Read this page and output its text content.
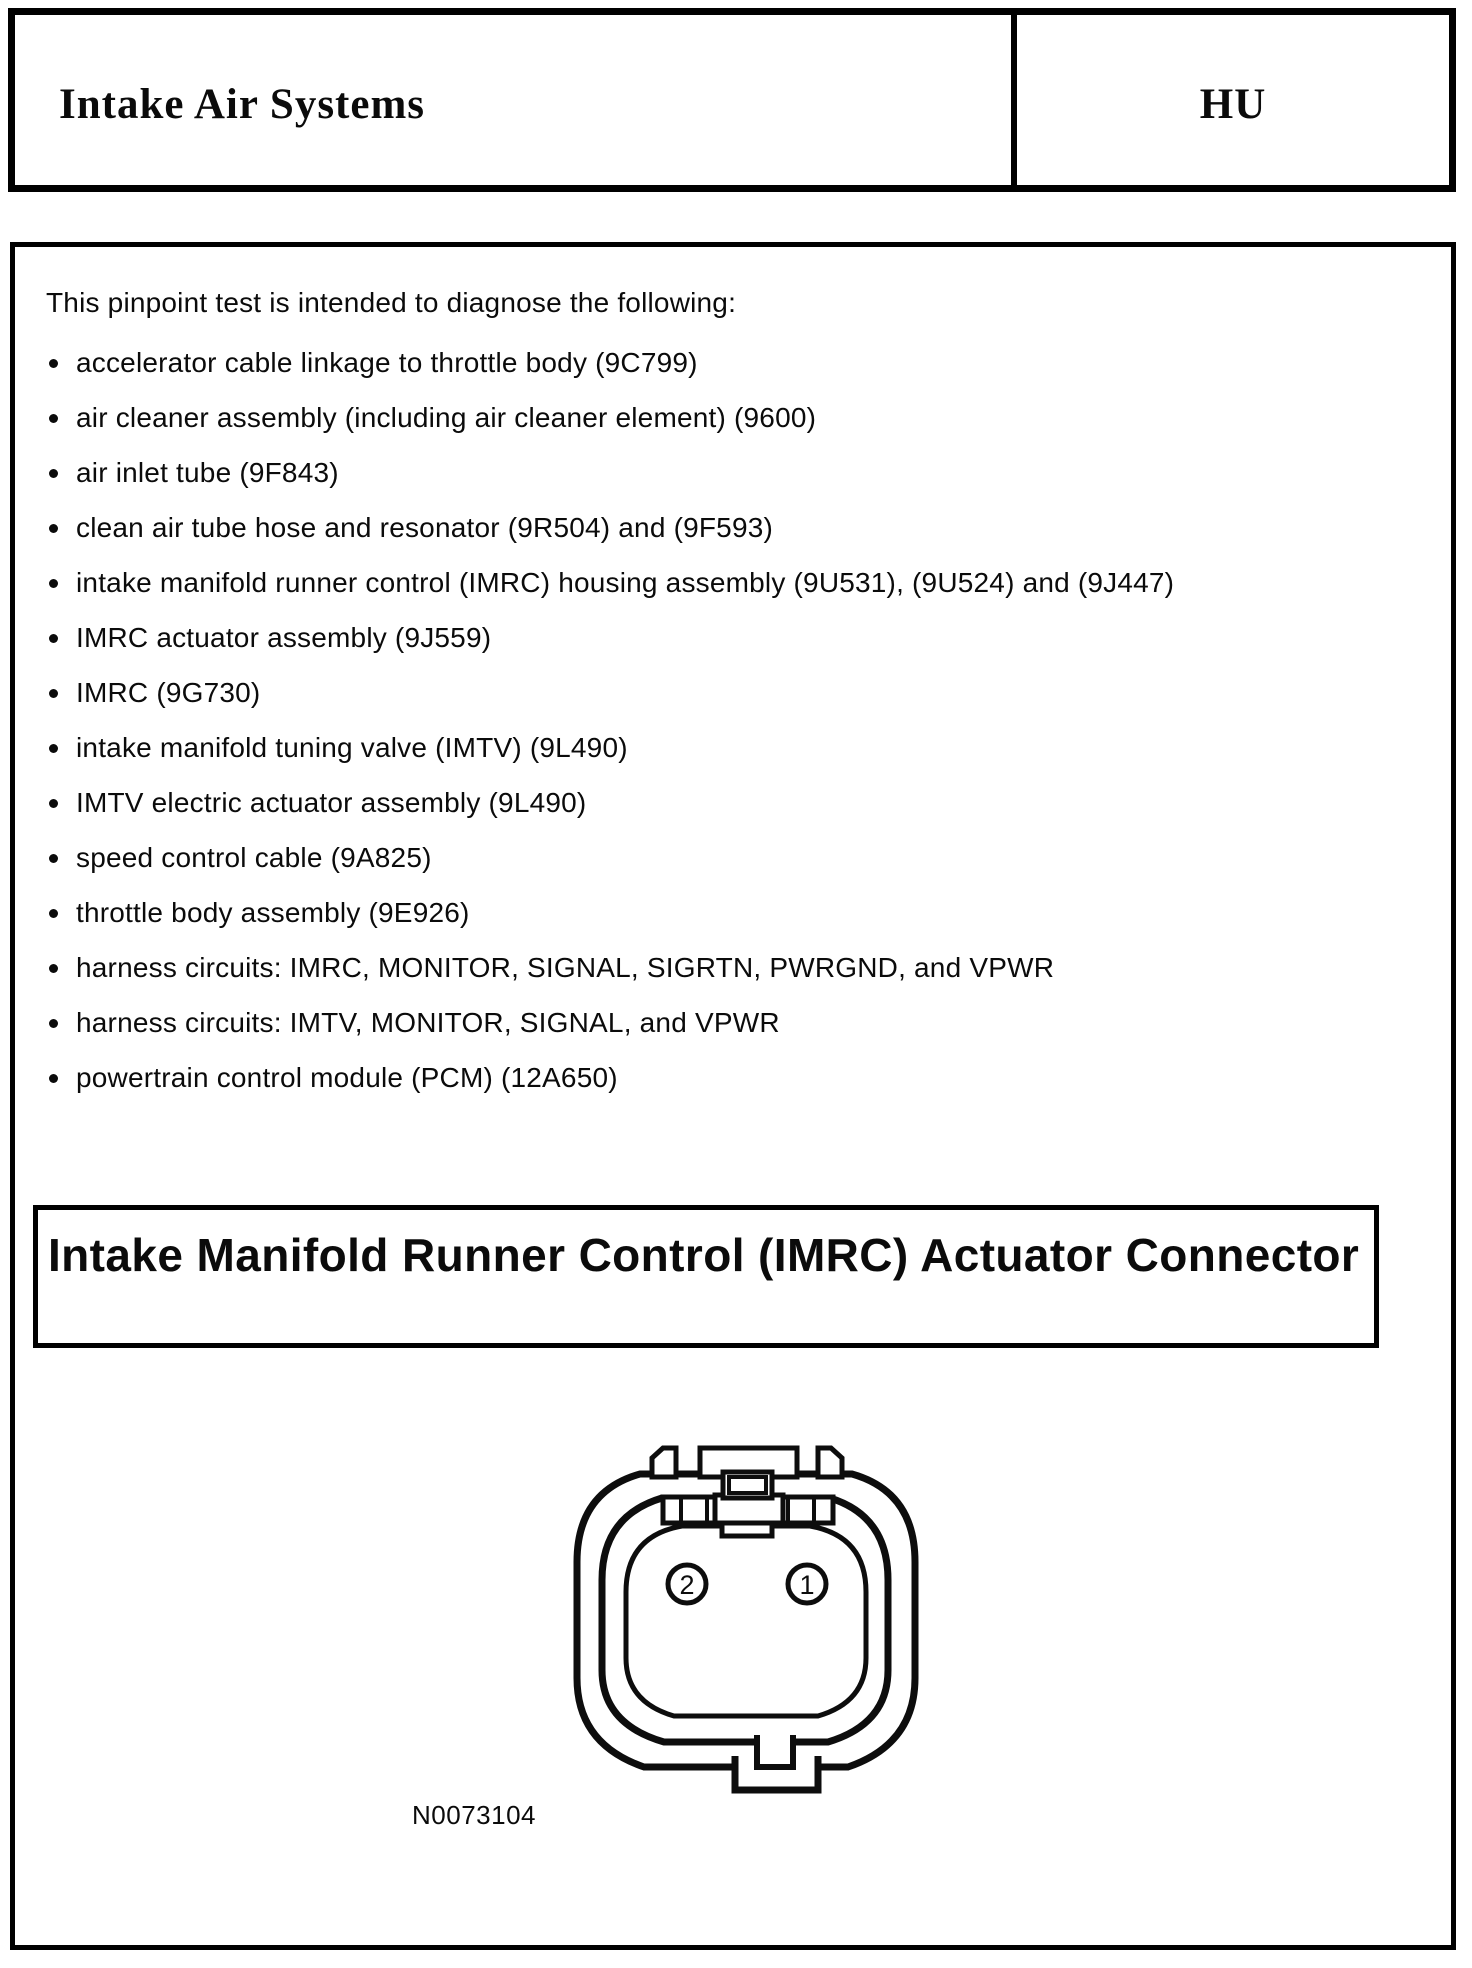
Intake Air Systems	HU

This pinpoint test is intended to diagnose the following:

accelerator cable linkage to throttle body (9C799)
air cleaner assembly (including air cleaner element) (9600)
air inlet tube (9F843)
clean air tube hose and resonator (9R504) and (9F593)
intake manifold runner control (IMRC) housing assembly (9U531), (9U524) and (9J447)
IMRC actuator assembly (9J559)
IMRC (9G730)
intake manifold tuning valve (IMTV) (9L490)
IMTV electric actuator assembly (9L490)
speed control cable (9A825)
throttle body assembly (9E926)
harness circuits: IMRC, MONITOR, SIGNAL, SIGRTN, PWRGND, and VPWR
harness circuits: IMTV, MONITOR, SIGNAL, and VPWR
powertrain control module (PCM) (12A650)
Intake Manifold Runner Control (IMRC) Actuator Connector
2	1
N0073104
